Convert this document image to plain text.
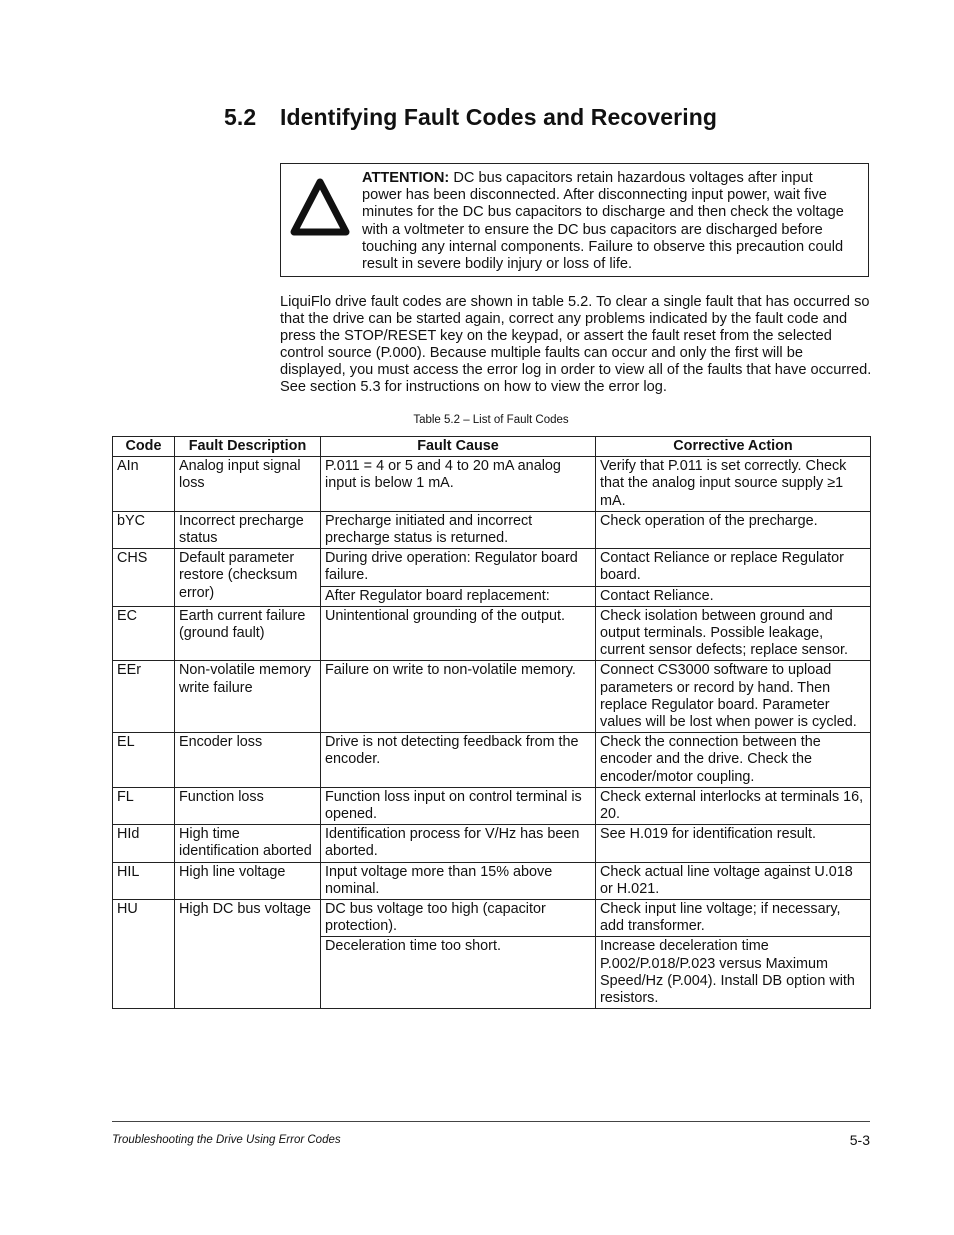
5.2 Identifying Fault Codes and Recovering
ATTENTION: DC bus capacitors retain hazardous voltages after input power has been disconnected. After disconnecting input power, wait five minutes for the DC bus capacitors to discharge and then check the voltage with a voltmeter to ensure the DC bus capacitors are discharged before touching any internal components. Failure to observe this precaution could result in severe bodily injury or loss of life.

LiquiFlo drive fault codes are shown in table 5.2. To clear a single fault that has occurred so that the drive can be started again, correct any problems indicated by the fault code and press the STOP/RESET key on the keypad, or assert the fault reset from the selected control source (P.000). Because multiple faults can occur and only the first will be displayed, you must access the error log in order to view all of the faults that have occurred. See section 5.3 for instructions on how to view the error log.

Table 5.2 – List of Fault Codes
Code	Fault Description	Fault Cause	Corrective Action
AIn	Analog input signal loss	P.011 = 4 or 5 and 4 to 20 mA analog input is below 1 mA.	Verify that P.011 is set correctly. Check that the analog input source supply ≥1 mA.
bYC	Incorrect precharge status	Precharge initiated and incorrect precharge status is returned.	Check operation of the precharge.
CHS	Default parameter restore (checksum error)	During drive operation: Regulator board failure.	Contact Reliance or replace Regulator board.
		After Regulator board replacement:	Contact Reliance.
EC	Earth current failure (ground fault)	Unintentional grounding of the output.	Check isolation between ground and output terminals. Possible leakage, current sensor defects; replace sensor.
EEr	Non-volatile memory write failure	Failure on write to non-volatile memory.	Connect CS3000 software to upload parameters or record by hand. Then replace Regulator board. Parameter values will be lost when power is cycled.
EL	Encoder loss	Drive is not detecting feedback from the encoder.	Check the connection between the encoder and the drive. Check the encoder/motor coupling.
FL	Function loss	Function loss input on control terminal is opened.	Check external interlocks at terminals 16, 20.
HId	High time identification aborted	Identification process for V/Hz has been aborted.	See H.019 for identification result.
HIL	High line voltage	Input voltage more than 15% above nominal.	Check actual line voltage against U.018 or H.021.
HU	High DC bus voltage	DC bus voltage too high (capacitor protection).	Check input line voltage; if necessary, add transformer.
		Deceleration time too short.	Increase deceleration time P.002/P.018/P.023 versus Maximum Speed/Hz (P.004). Install DB option with resistors.
Troubleshooting the Drive Using Error Codes	5-3
